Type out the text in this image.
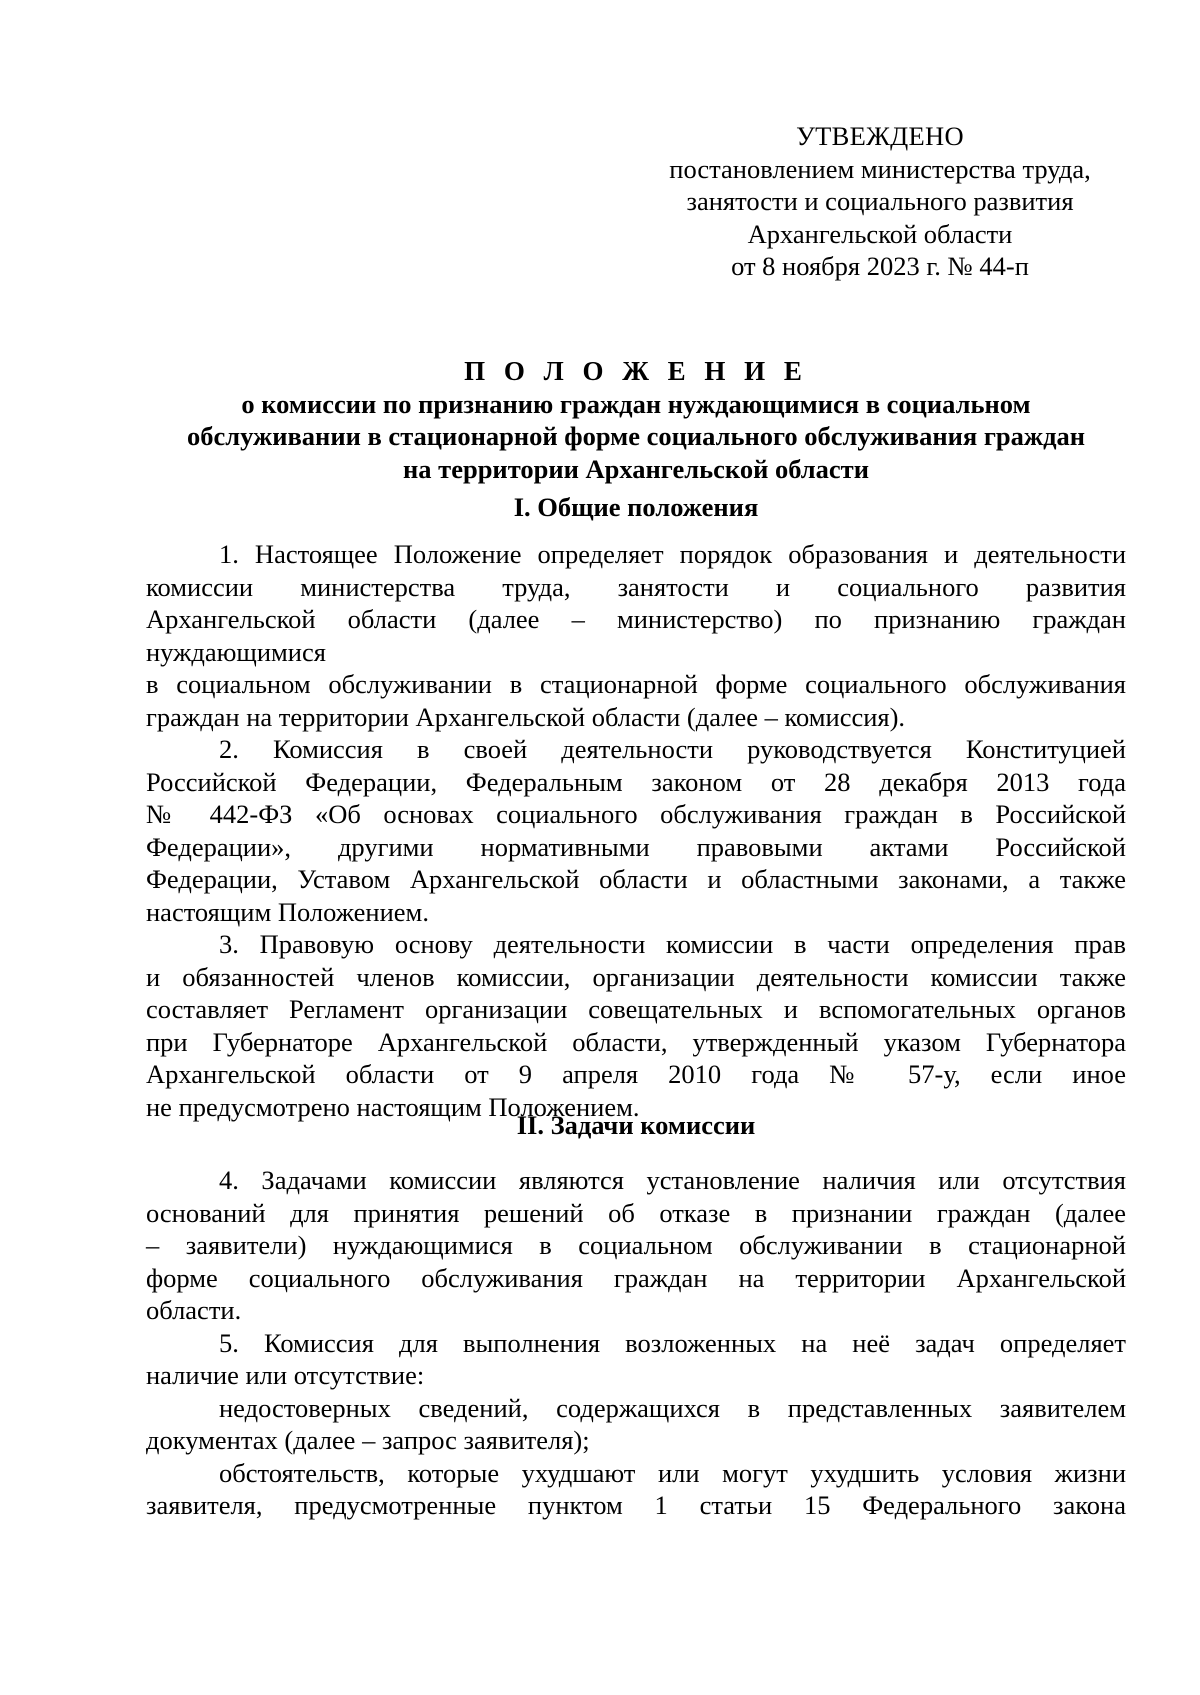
УТВЕЖДЕНО
постановлением министерства труда,
занятости и социального развития
Архангельской области
от 8 ноября 2023 г. № 44-п
П О Л О Ж Е Н И Е
о комиссии по признанию граждан нуждающимися в социальном
обслуживании в стационарной форме социального обслуживания граждан
на территории Архангельской области
I. Общие положения
1. Настоящее Положение определяет порядок образования и деятельности
комиссии министерства труда, занятости и социального развития
Архангельской области (далее – министерство) по признанию граждан
нуждающимися
в социальном обслуживании в стационарной форме социального обслуживания
граждан на территории Архангельской области (далее – комиссия).
2. Комиссия в своей деятельности руководствуется Конституцией
Российской Федерации, Федеральным законом от 28 декабря 2013 года
№ 442-ФЗ «Об основах социального обслуживания граждан в Российской
Федерации», другими нормативными правовыми актами Российской
Федерации, Уставом Архангельской области и областными законами, а также
настоящим Положением.
3. Правовую основу деятельности комиссии в части определения прав
и обязанностей членов комиссии, организации деятельности комиссии также
составляет Регламент организации совещательных и вспомогательных органов
при Губернаторе Архангельской области, утвержденный указом Губернатора
Архангельской области от 9 апреля 2010 года № 57-у, если иное
не предусмотрено настоящим Положением.
II. Задачи комиссии
4. Задачами комиссии являются установление наличия или отсутствия
оснований для принятия решений об отказе в признании граждан (далее
– заявители) нуждающимися в социальном обслуживании в стационарной
форме социального обслуживания граждан на территории Архангельской
области.
5. Комиссия для выполнения возложенных на неё задач определяет
наличие или отсутствие:
недостоверных сведений, содержащихся в представленных заявителем
документах (далее – запрос заявителя);
обстоятельств, которые ухудшают или могут ухудшить условия жизни
заявителя, предусмотренные пунктом 1 статьи 15 Федерального закона
